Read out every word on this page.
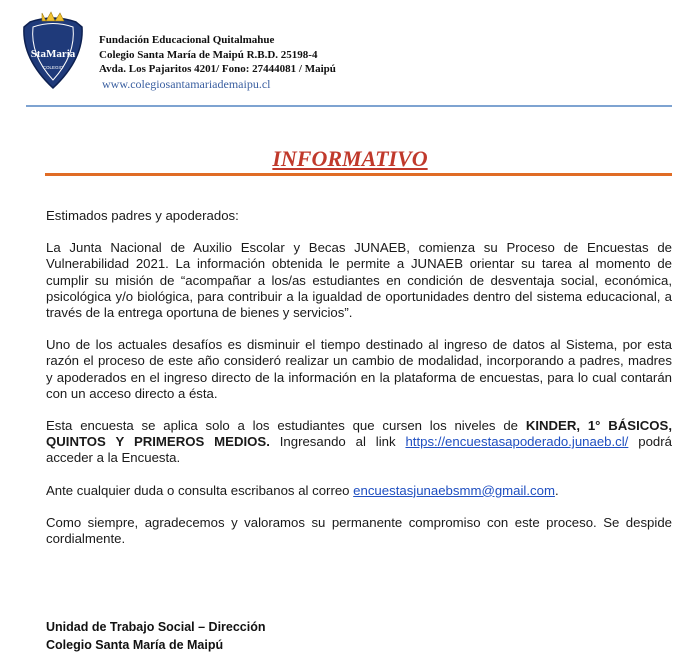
StaMaria
COLEGIO
Fundación Educacional Quitalmahue
Colegio Santa María de Maipú R.B.D. 25198-4
Avda. Los Pajaritos 4201/ Fono: 27444081 / Maipú
www.colegiosantamariademaipu.cl
INFORMATIVO

Estimados padres y apoderados:

La Junta Nacional de Auxilio Escolar y Becas JUNAEB, comienza su Proceso de Encuestas de Vulnerabilidad 2021. La información obtenida le permite a JUNAEB orientar su tarea al momento de cumplir su misión de “acompañar a los/as estudiantes en condición de desventaja social, económica, psicológica y/o biológica, para contribuir a la igualdad de oportunidades dentro del sistema educacional, a través de la entrega oportuna de bienes y servicios”.

Uno de los actuales desafíos es disminuir el tiempo destinado al ingreso de datos al Sistema, por esta razón el proceso de este año consideró realizar un cambio de modalidad, incorporando a padres, madres y apoderados en el ingreso directo de la información en la plataforma de encuestas, para lo cual contarán con un acceso directo a ésta.

Esta encuesta se aplica solo a los estudiantes que cursen los niveles de KINDER, 1° BÁSICOS, QUINTOS Y PRIMEROS MEDIOS. Ingresando al link https://encuestasapoderado.junaeb.cl/ podrá acceder a la Encuesta.

Ante cualquier duda o consulta escribanos al correo encuestasjunaebsmm@gmail.com.

Como siempre, agradecemos y valoramos su permanente compromiso con este proceso. Se despide cordialmente.

Unidad de Trabajo Social – Dirección
Colegio Santa María de Maipú
